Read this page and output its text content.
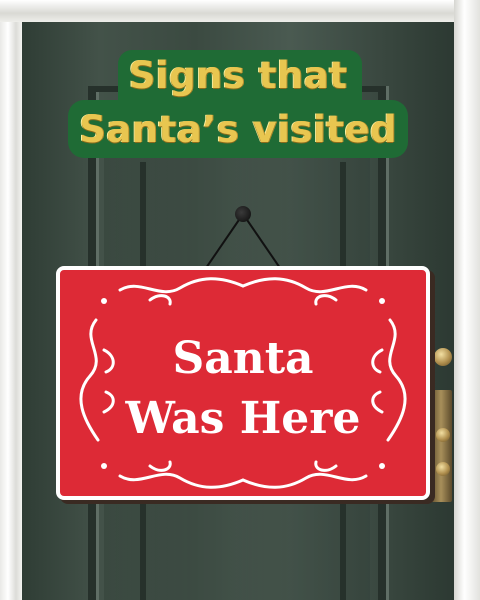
Signs that
Santa’s visited
Santa
Was Here
